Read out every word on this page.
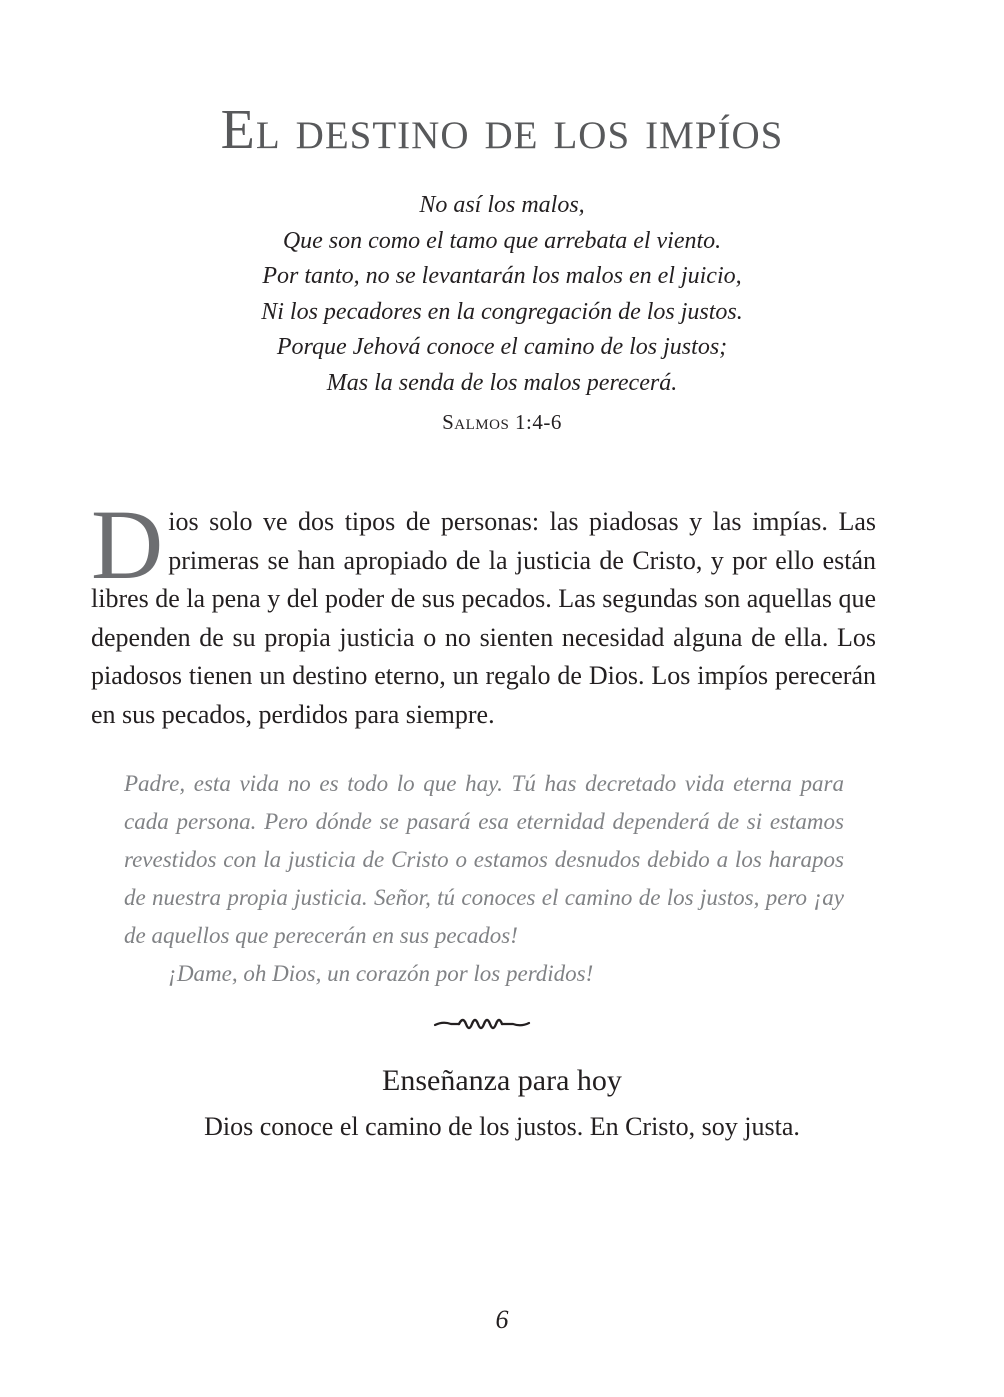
El destino de los impíos
No así los malos,
Que son como el tamo que arrebata el viento.
Por tanto, no se levantarán los malos en el juicio,
Ni los pecadores en la congregación de los justos.
Porque Jehová conoce el camino de los justos;
Mas la senda de los malos perecerá.
Salmos 1:4-6

Dios solo ve dos tipos de personas: las piadosas y las impías. Las primeras se han apropiado de la justicia de Cristo, y por ello están libres de la pena y del poder de sus pecados. Las segundas son aquellas que dependen de su propia justicia o no sienten necesidad alguna de ella. Los piadosos tienen un destino eterno, un regalo de Dios. Los impíos perecerán en sus pecados, perdidos para siempre.

Padre, esta vida no es todo lo que hay. Tú has decretado vida eterna para cada persona. Pero dónde se pasará esa eternidad dependerá de si estamos revestidos con la justicia de Cristo o estamos desnudos debido a los harapos de nuestra propia justicia. Señor, tú conoces el camino de los justos, pero ¡ay de aquellos que perecerán en sus pecados!

¡Dame, oh Dios, un corazón por los perdidos!

Enseñanza para hoy
Dios conoce el camino de los justos. En Cristo, soy justa.
6
